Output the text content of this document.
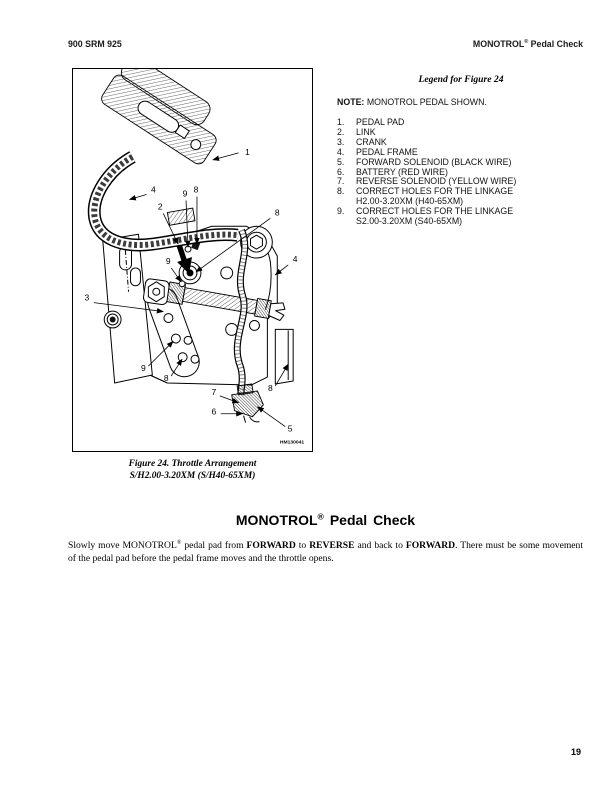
900 SRM 925	MONOTROL® Pedal Check
HM130041
1
4	9 8
2
8
4
9
3
9
8
7
6
5
8

Legend for Figure 24

NOTE: MONOTROL PEDAL SHOWN.

1.	PEDAL PAD
2.	LINK
3.	CRANK
4.	PEDAL FRAME
5.	FORWARD SOLENOID (BLACK WIRE)
6.	BATTERY (RED WIRE)
7.	REVERSE SOLENOID (YELLOW WIRE)
8.	CORRECT HOLES FOR THE LINKAGE
H2.00-3.20XM (H40-65XM)
9.	CORRECT HOLES FOR THE LINKAGE
S2.00-3.20XM (S40-65XM)
Figure 24. Throttle Arrangement
S/H2.00-3.20XM (S/H40-65XM)
MONOTROL® Pedal Check

Slowly move MONOTROL® pedal pad from FORWARD to REVERSE and back to FORWARD. There must be some movement of the pedal pad before the pedal frame moves and the throttle opens.

19
